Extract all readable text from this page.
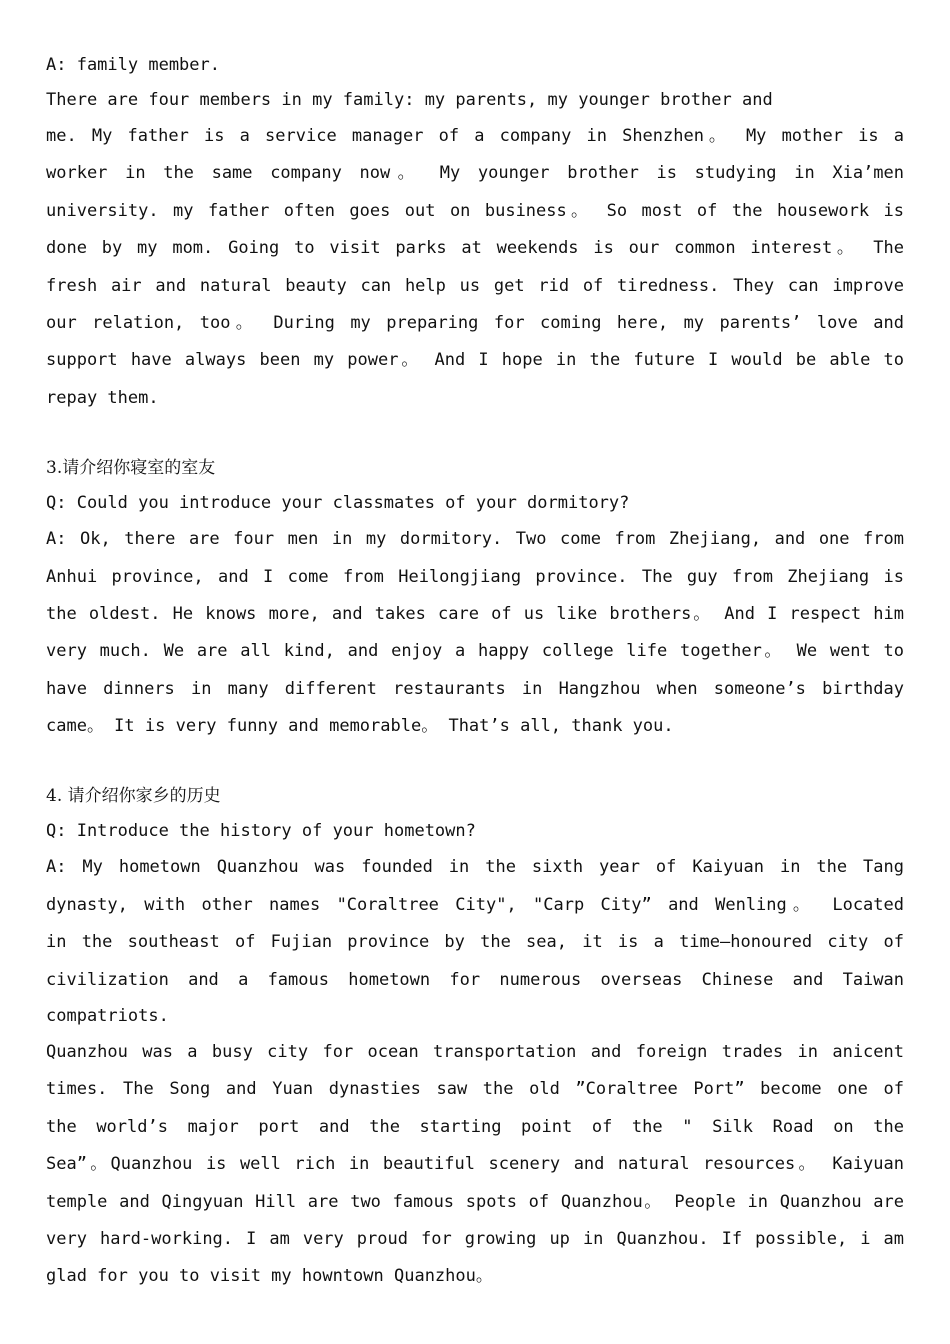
A: family member.
There are four members in my family: my parents, my younger brother and
me. My father is a service manager of a company in Shenzhen。 My mother is a
worker in the same company now。 My younger brother is studying in Xia’men
university. my father often goes out on business。 So most of the housework is
done by my mom. Going to visit parks at weekends is our common interest。 The
fresh air and natural beauty can help us get rid of tiredness. They can improve
our relation, too。 During my preparing for coming here, my parents’ love and
support have always been my power。 And I hope in the future I would be able to
repay them.
3.请介绍你寝室的室友
Q: Could you introduce your classmates of your dormitory?
A: Ok, there are four men in my dormitory. Two come from Zhejiang, and one from
Anhui province, and I come from Heilongjiang province. The guy from Zhejiang is
the oldest. He knows more, and takes care of us like brothers。 And I respect him
very much. We are all kind, and enjoy a happy college life together。 We went to
have dinners in many different restaurants in Hangzhou when someone’s birthday
came。 It is very funny and memorable。 That’s all, thank you.
4. 请介绍你家乡的历史
Q: Introduce the history of your hometown?
A: My hometown Quanzhou was founded in the sixth year of Kaiyuan in the Tang
dynasty, with other names "Coraltree City", "Carp City” and Wenling。 Located
in the southeast of Fujian province by the sea, it is a time—honoured city of
civilization and a famous hometown for numerous overseas Chinese and Taiwan
compatriots.
Quanzhou was a busy city for ocean transportation and foreign trades in anicent
times. The Song and Yuan dynasties saw the old ”Coraltree Port” become one of
the world’s major port and the starting point of the " Silk Road on the
Sea”。Quanzhou is well rich in beautiful scenery and natural resources。 Kaiyuan
temple and Qingyuan Hill are two famous spots of Quanzhou。 People in Quanzhou are
very hard-working. I am very proud for growing up in Quanzhou. If possible, i am
glad for you to visit my howntown Quanzhou。
